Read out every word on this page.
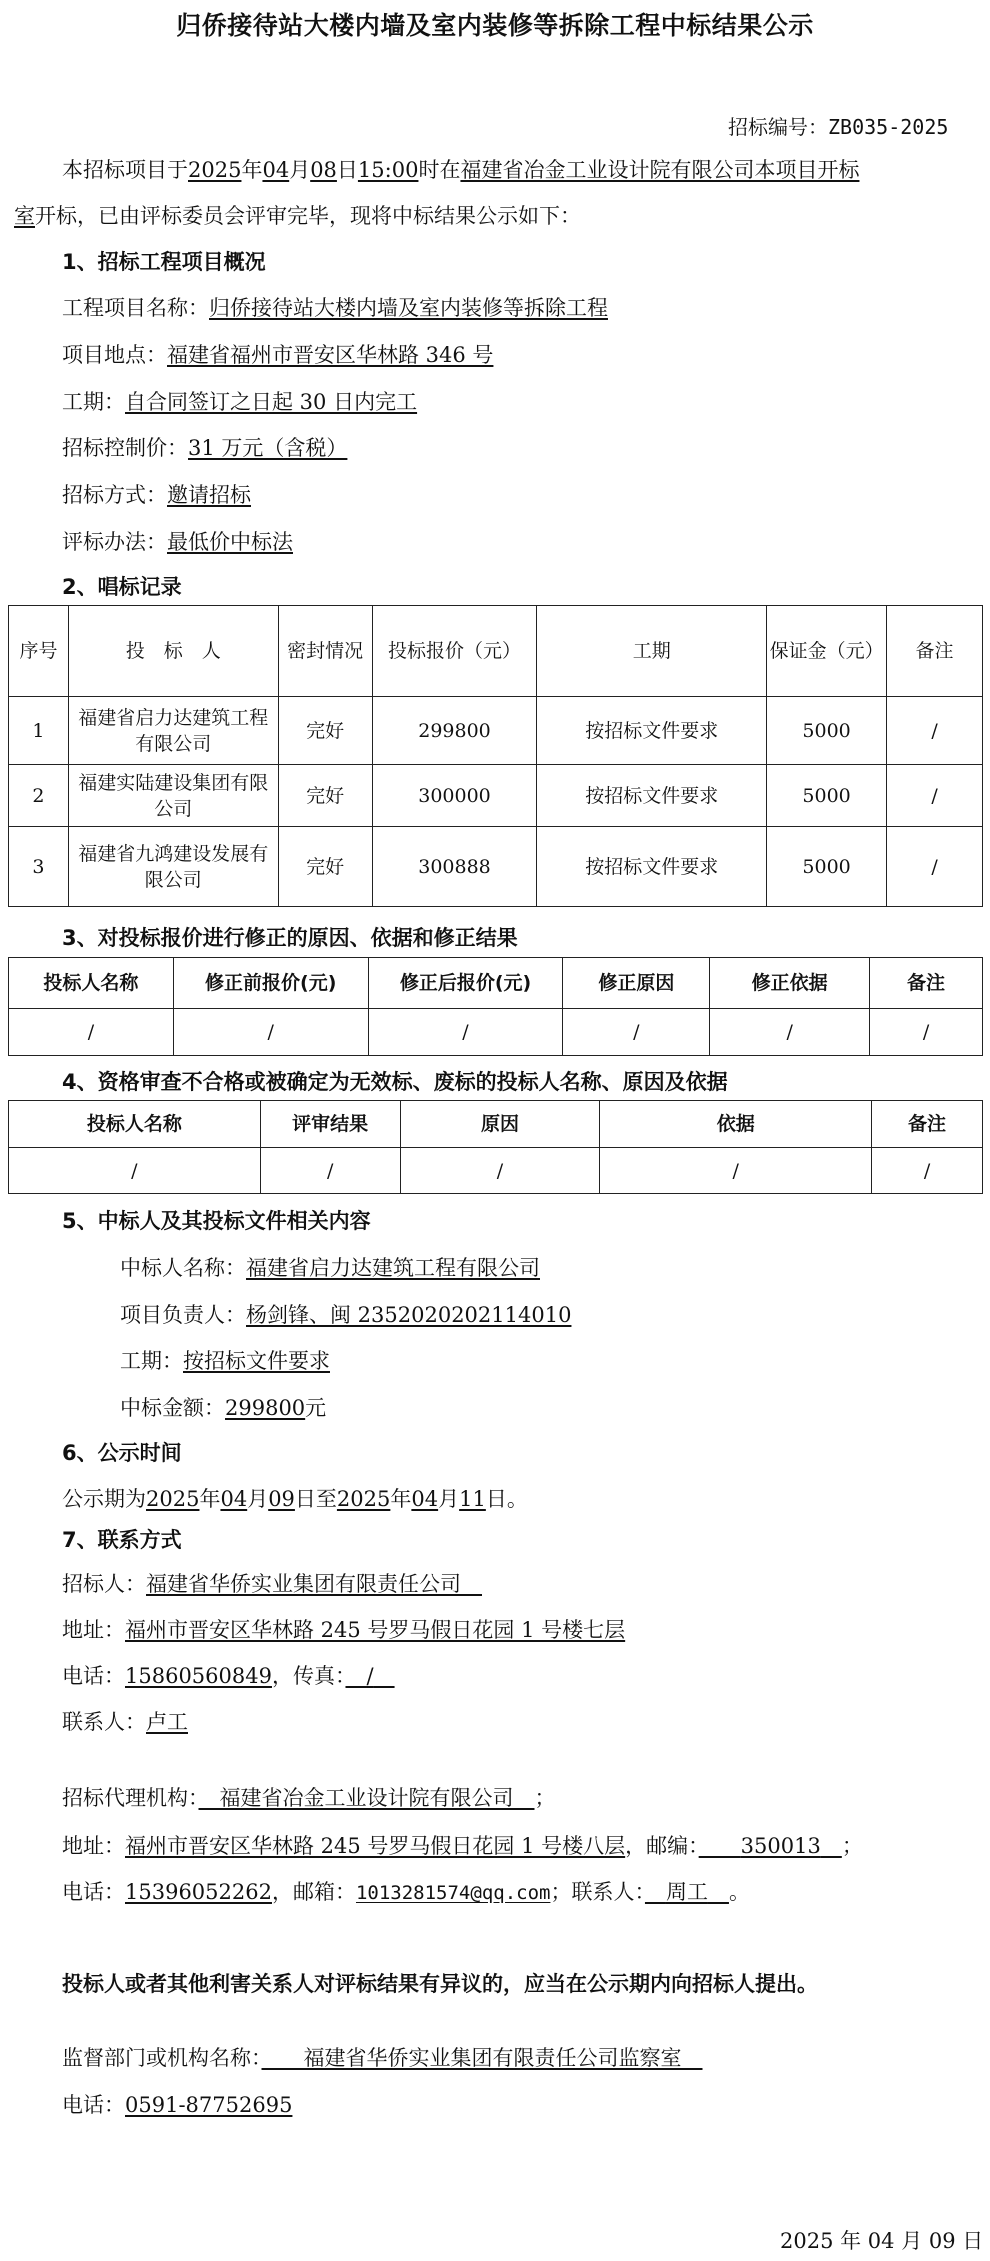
归侨接待站大楼内墙及室内装修等拆除工程中标结果公示
招标编号：ZB035-2025
本招标项目于2025年04月08日15:00时在福建省冶金工业设计院有限公司本项目开标
室开标，已由评标委员会评审完毕，现将中标结果公示如下：
1、招标工程项目概况
工程项目名称：归侨接待站大楼内墙及室内装修等拆除工程
项目地点：福建省福州市晋安区华林路 346 号
工期：自合同签订之日起 30 日内完工
招标控制价：31 万元（含税）
招标方式：邀请招标
评标办法：最低价中标法
2、唱标记录
序号	投　标　人	密封情况	投标报价（元）	工期	保证金（元）	备注
1	福建省启力达建筑工程有限公司	完好	299800	按招标文件要求	5000	/
2	福建实陆建设集团有限公司	完好	300000	按招标文件要求	5000	/
3	福建省九鸿建设发展有限公司	完好	300888	按招标文件要求	5000	/
3、对投标报价进行修正的原因、依据和修正结果
投标人名称	修正前报价(元)	修正后报价(元)	修正原因	修正依据	备注
/	/	/	/	/	/
4、资格审查不合格或被确定为无效标、废标的投标人名称、原因及依据
投标人名称	评审结果	原因	依据	备注
/	/	/	/	/
5、中标人及其投标文件相关内容
中标人名称：福建省启力达建筑工程有限公司
项目负责人：杨剑锋、闽 2352020202114010
工期：按招标文件要求
中标金额：299800元
6、公示时间
公示期为2025年04月09日至2025年04月11日。
7、联系方式
招标人：福建省华侨实业集团有限责任公司　
地址：福州市晋安区华林路 245 号罗马假日花园 1 号楼七层
电话：15860560849，传真：　 /　
联系人：卢工
招标代理机构：　 福建省冶金工业设计院有限公司　 ；
地址：福州市晋安区华林路 245 号罗马假日花园 1 号楼八层，邮编：　　 350013　 ；
电话：15396052262，邮箱：1013281574@qq.com；联系人：　 周工　 。
投标人或者其他利害关系人对评标结果有异议的，应当在公示期内向招标人提出。
监督部门或机构名称：　　 福建省华侨实业集团有限责任公司监察室　
电话：0591-87752695
2025 年 04 月 09 日
